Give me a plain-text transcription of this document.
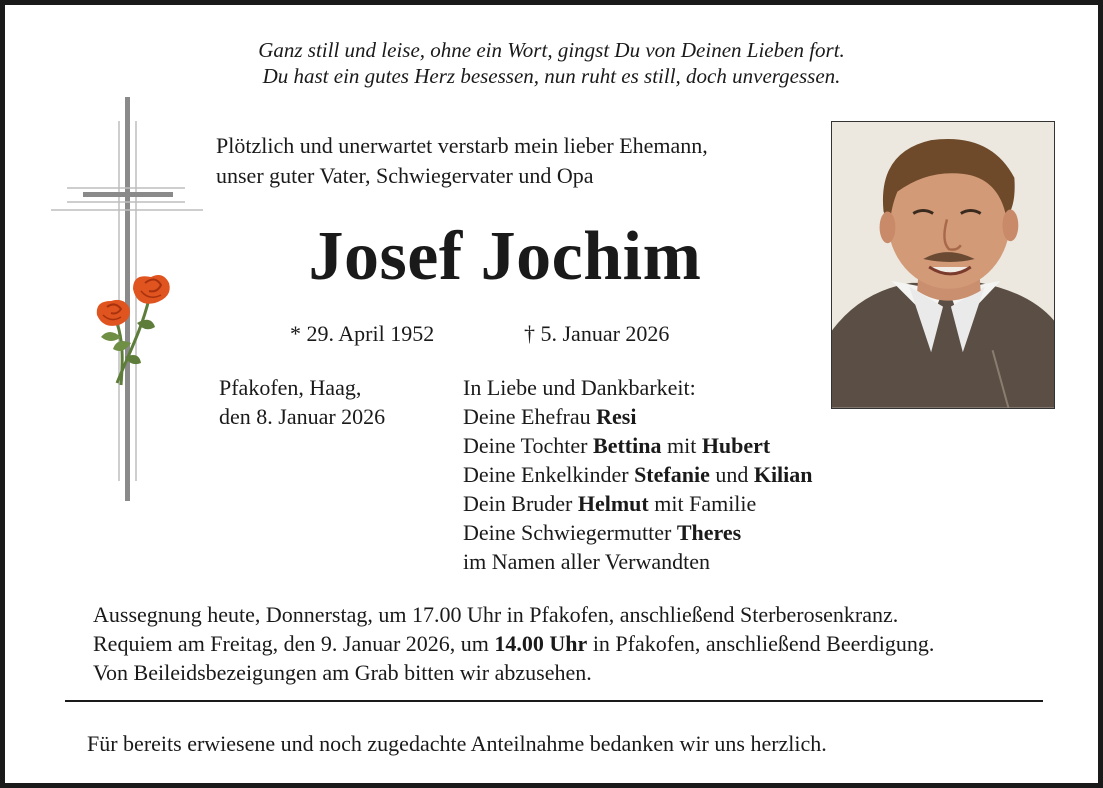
Ganz still und leise, ohne ein Wort, gingst Du von Deinen Lieben fort.
Du hast ein gutes Herz besessen, nun ruht es still, doch unvergessen.
Plötzlich und unerwartet verstarb mein lieber Ehemann,
unser guter Vater, Schwiegervater und Opa
Josef Jochim
* 29. April 1952	† 5. Januar 2026
Pfakofen, Haag,
den 8. Januar 2026
In Liebe und Dankbarkeit:
Deine Ehefrau Resi
Deine Tochter Bettina mit Hubert
Deine Enkelkinder Stefanie und Kilian
Dein Bruder Helmut mit Familie
Deine Schwiegermutter Theres
im Namen aller Verwandten
Aussegnung heute, Donnerstag, um 17.00 Uhr in Pfakofen, anschließend Sterberosenkranz.
Requiem am Freitag, den 9. Januar 2026, um 14.00 Uhr in Pfakofen, anschließend Beerdigung.
Von Beileidsbezeigungen am Grab bitten wir abzusehen.
Für bereits erwiesene und noch zugedachte Anteilnahme bedanken wir uns herzlich.
